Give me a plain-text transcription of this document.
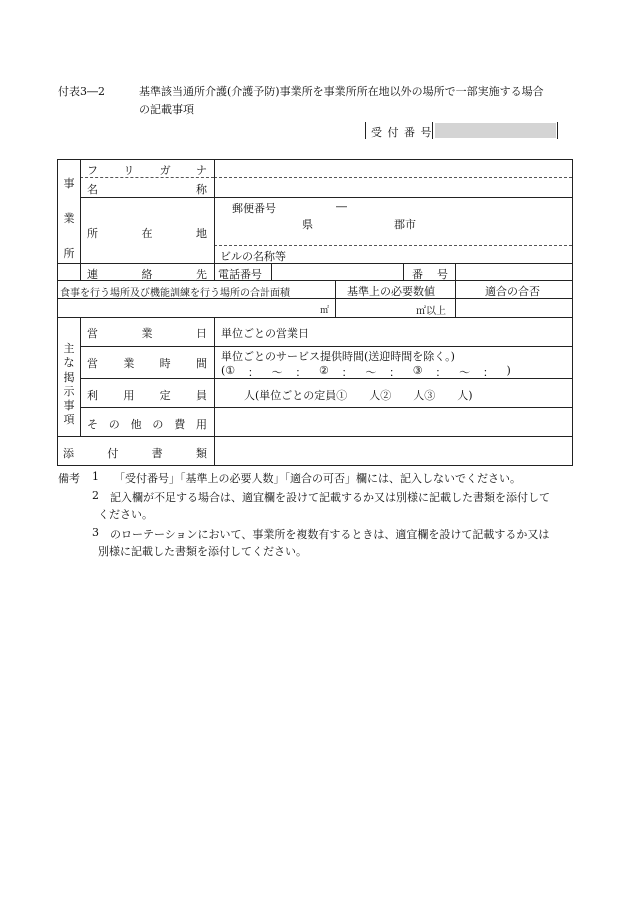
付表3―2	基準該当通所介護(介護予防)事業所を事業所所在地以外の場所で一部実施する場合
の記載事項
受 付 番 号
事
業
所
フ リ ガ ナ
名	称
所	在	地
郵便番号	―
県	郡市
ビルの名称等
連	絡	先 電話番号	番 号
食事を行う場所及び機能訓練を行う場所の合計面積	基準上の必要数値	適合の合否
㎡	㎡以上
主
な
掲
示
事
項
営	業	日 単位ごとの営業日
営 業 時 間
単位ごとのサービス提供時間(送迎時間を除く。)
(① ： ～ ： ② ： ～ ： ③ ： ～ ： )
利 用 定 員	人(単位ごとの定員①　　人②　　人③　　人)
そ の 他 の 費 用
添	付	書	類
備考 1 「受付番号」「基準上の必要人数」「適合の可否」欄には、記入しないでください。
2 記入欄が不足する場合は、適宜欄を設けて記載するか又は別様に記載した書類を添付して
ください。
3 のローテーションにおいて、事業所を複数有するときは、適宜欄を設けて記載するか又は
別様に記載した書類を添付してください。
